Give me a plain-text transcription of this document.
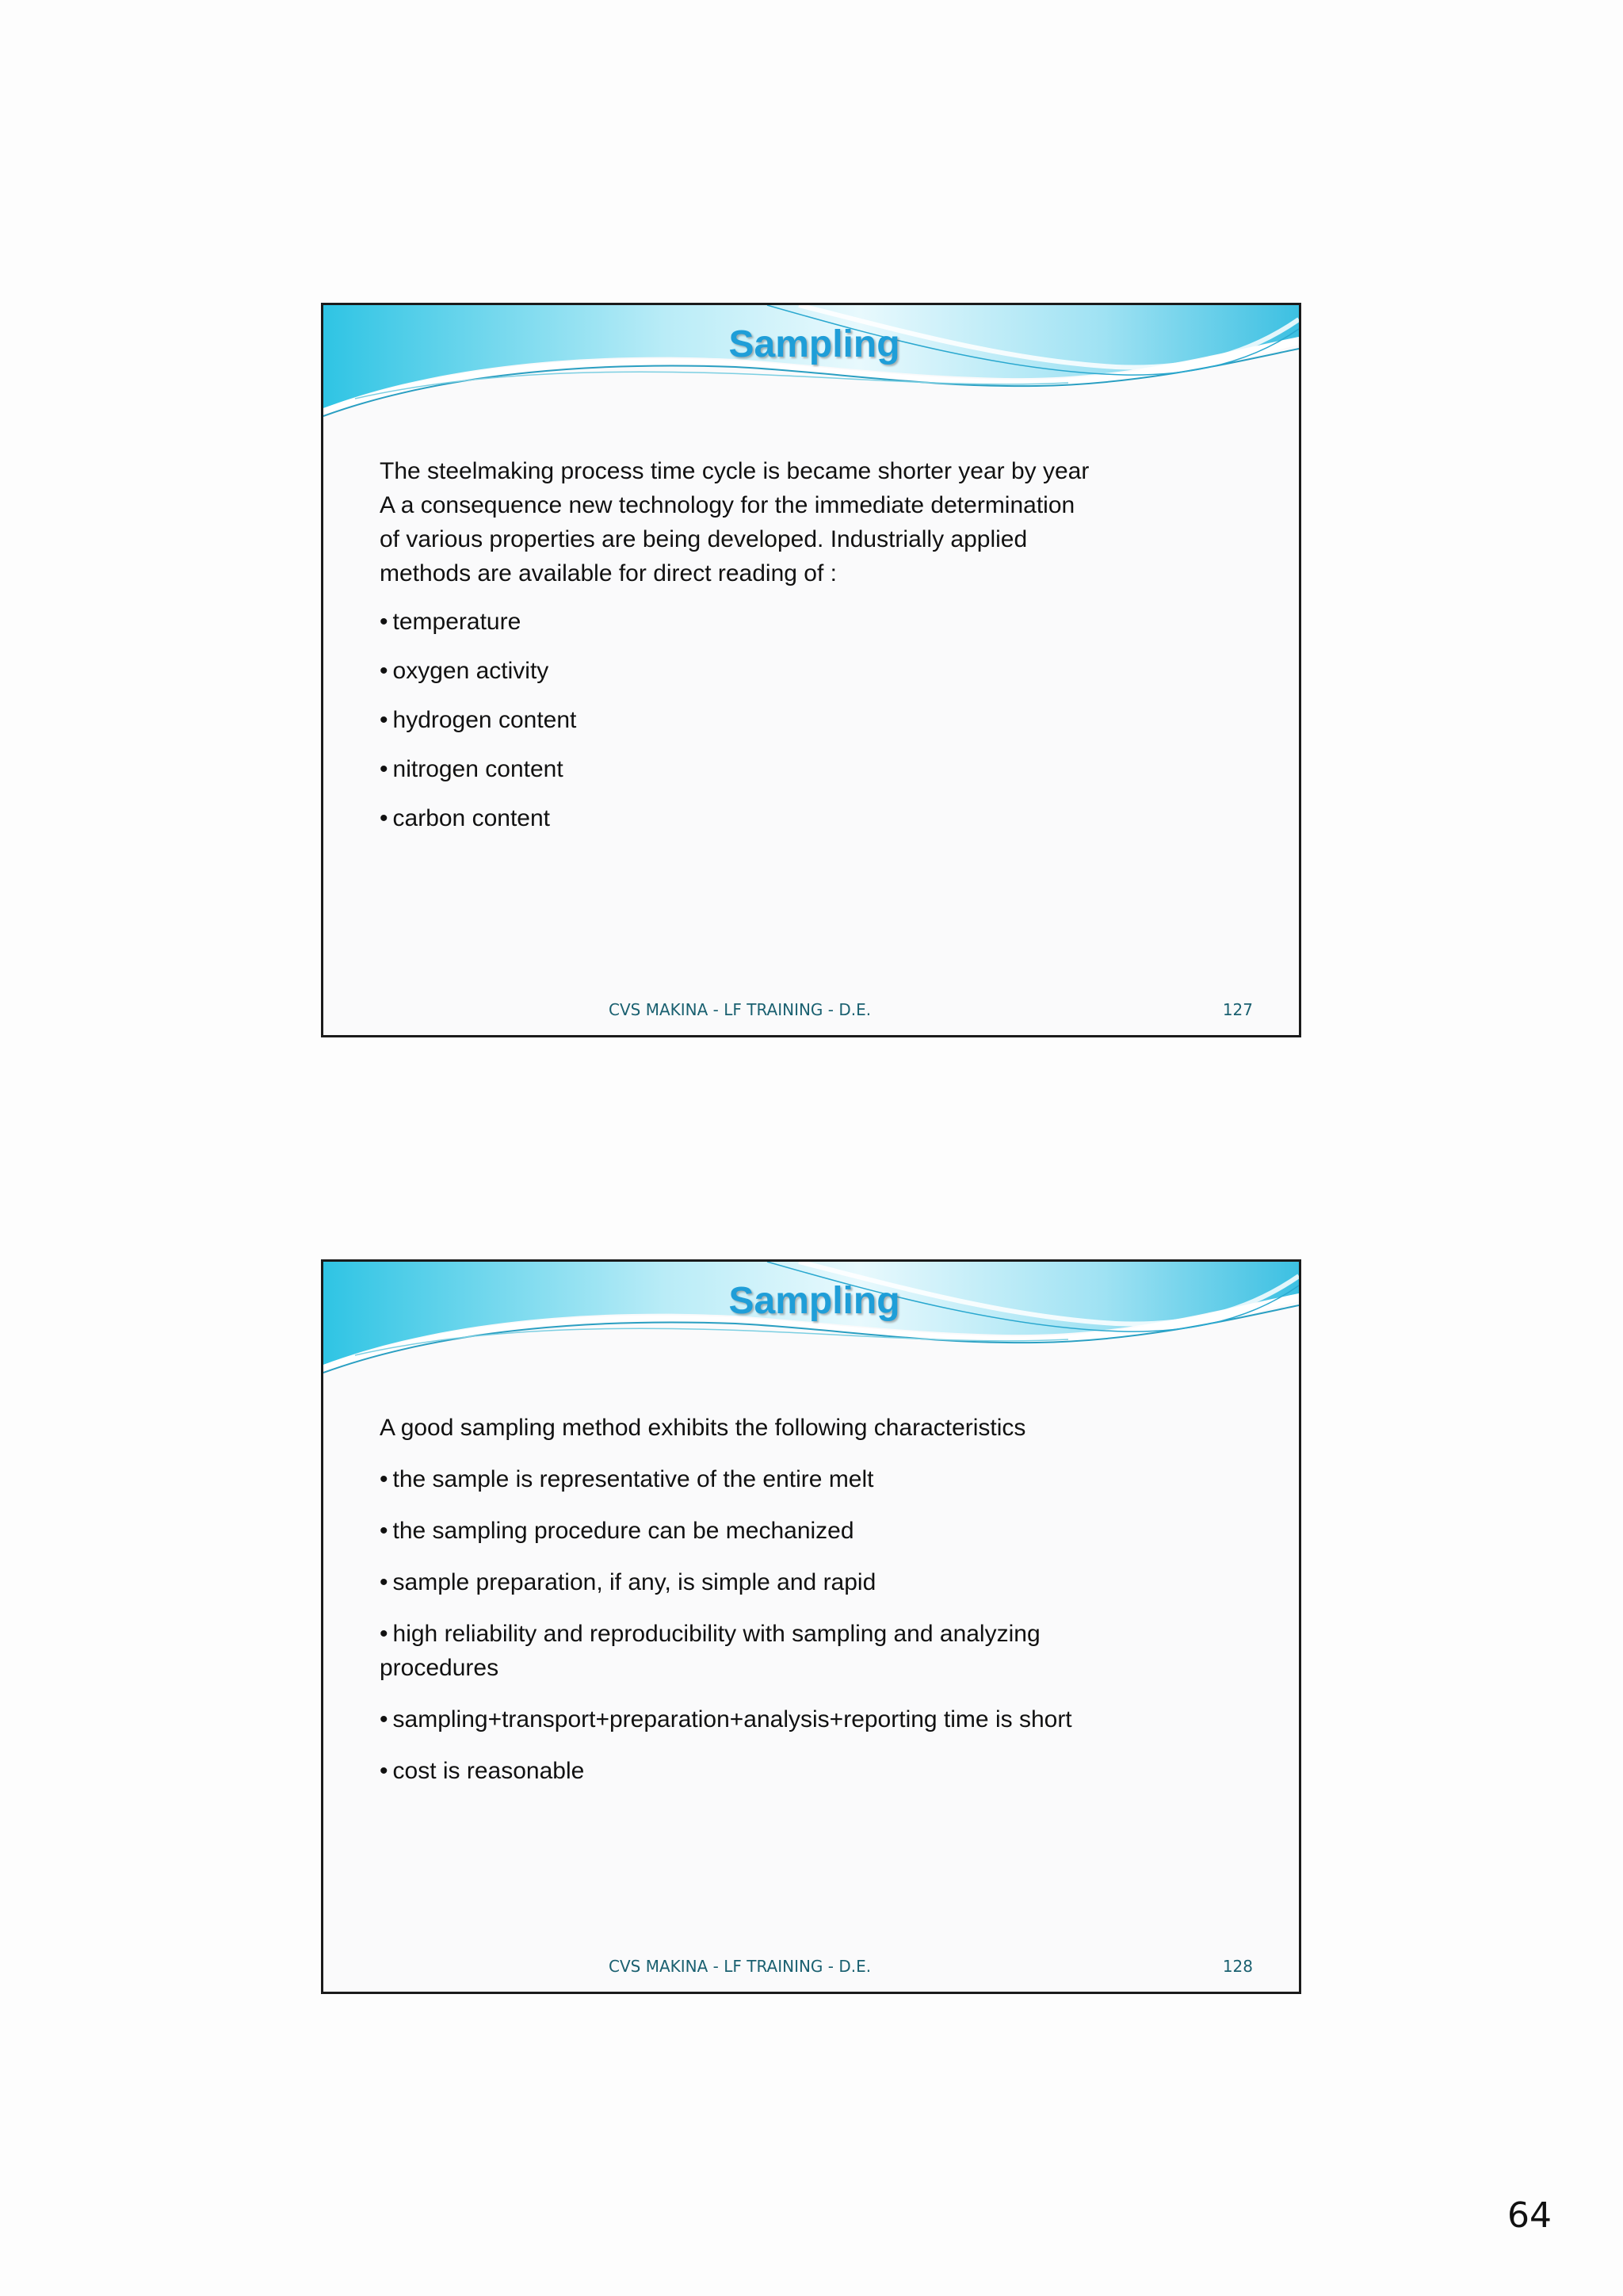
Sampling

The steelmaking process time cycle is became shorter year by year
A a consequence new technology for the immediate determination
of various properties are being developed. Industrially applied
methods are available for direct reading of :

• temperature
• oxygen activity
• hydrogen content
• nitrogen content
• carbon content
CVS MAKINA - LF TRAINING - D.E.	127
Sampling

A good sampling method exhibits the following characteristics

• the sample is representative of the entire melt
• the sampling procedure can be mechanized
• sample preparation, if any, is simple and rapid
• high reliability and reproducibility with sampling and analyzing procedures
• sampling+transport+preparation+analysis+reporting time is short
• cost is reasonable
CVS MAKINA - LF TRAINING - D.E.	128
64
